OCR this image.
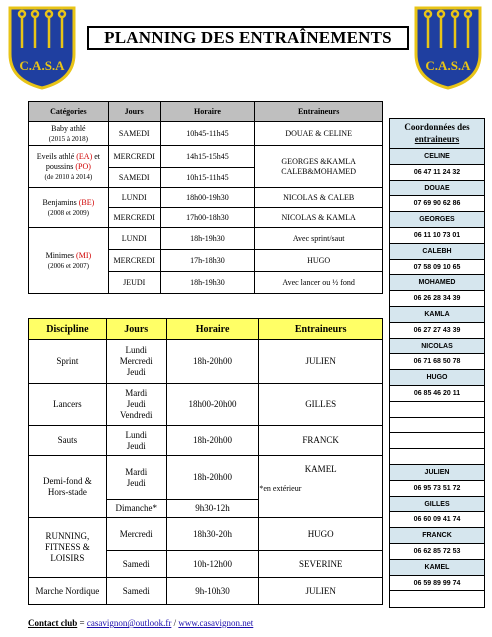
C.A.S.A	C.A.S.A
PLANNING DES ENTRAÎNEMENTS
Catégories	Jours	Horaire	Entraineurs
Baby athlé
(2015 à 2018)	SAMEDI	10h45-11h45	DOUAE & CELINE
Eveils athlé (EA) et
poussins (PO)
(de 2010 à 2014)	MERCREDI	14h15-15h45	GEORGES &KAMLA
CALEB&MOHAMED

	SAMEDI	10h15-11h45	
Benjamins (BE)
(2008 et 2009)	LUNDI	18h00-19h30	NICOLAS & CALEB
	MERCREDI	17h00-18h30	NICOLAS & KAMLA
Minimes (MI)
(2006 et 2007)	LUNDI	18h-19h30	Avec sprint/saut
	MERCREDI	17h-18h30	HUGO
	JEUDI	18h-19h30	Avec lancer ou ½ fond
Discipline	Jours	Horaire	Entraineurs
Sprint	Lundi
Mercredi
Jeudi	18h-20h00	JULIEN
Lancers	Mardi
Jeudi
Vendredi	18h00-20h00	GILLES
Sauts	Lundi
Jeudi	18h-20h00	FRANCK

Demi-fond &
Hors-stade	Mardi
Jeudi	18h-20h00	KAMEL
*en extérieur

	Dimanche*	9h30-12h	

RUNNING,
FITNESS &
LOISIRS	Mercredi	18h30-20h	HUGO
	Samedi	10h-12h00	SEVERINE
Marche Nordique	Samedi	9h-10h30	JULIEN
Coordonnées des
entraineurs
CELINE
06 47 11 24 32
DOUAE
07 69 90 62 86
GEORGES
06 11 10 73 01
CALEBH
07 58 09 10 65
MOHAMED
06 26 28 34 39
KAMLA
06 27 27 43 39
NICOLAS
06 71 68 50 78
HUGO
06 85 46 20 11
JULIEN
06 95 73 51 72
GILLES
06 60 09 41 74
FRANCK
06 62 85 72 53
KAMEL
06 59 89 99 74
Contact club = casavignon@outlook.fr / www.casavignon.net
